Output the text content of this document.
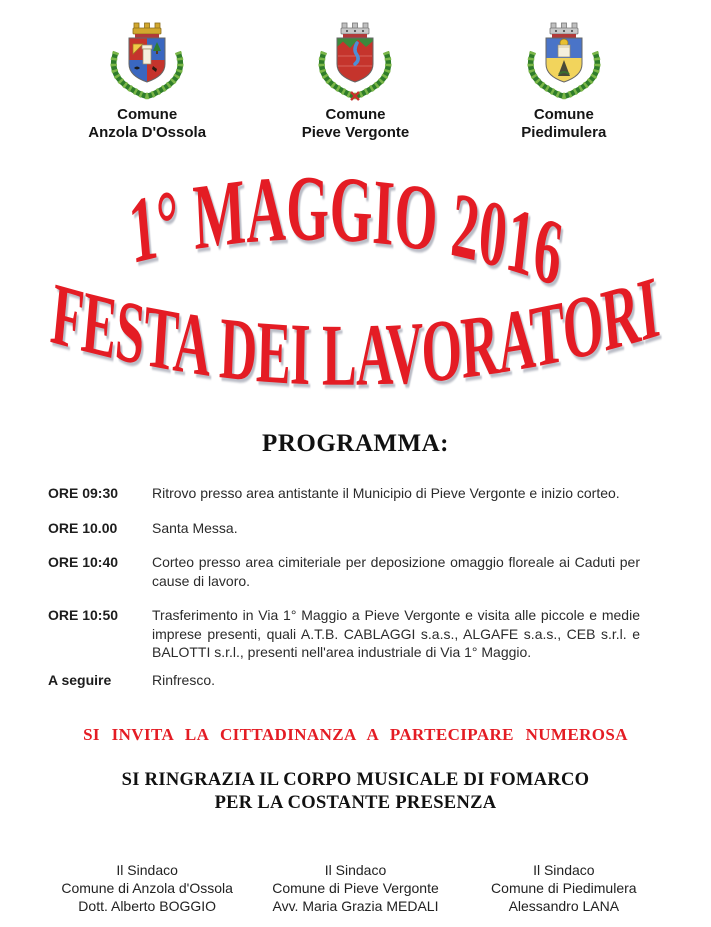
Comune
Anzola D'Ossola
Comune
Pieve Vergonte
Comune
Piedimulera
1° MAGGIO 2016
FESTA DEI LAVORATORI
PROGRAMMA:
ORE 09:30	Ritrovo presso area antistante il Municipio di Pieve Vergonte e inizio corteo.
ORE 10.00	Santa Messa.
ORE 10:40	Corteo presso area cimiteriale per deposizione omaggio floreale ai Caduti per cause di lavoro.
ORE 10:50	Trasferimento in Via 1° Maggio a Pieve Vergonte e visita alle piccole e medie imprese presenti, quali A.T.B. CABLAGGI s.a.s., ALGAFE s.a.s., CEB s.r.l. e BALOTTI s.r.l., presenti nell'area industriale di Via 1° Maggio.
A seguire	Rinfresco.
SI INVITA LA CITTADINANZA A PARTECIPARE NUMEROSA
SI RINGRAZIA IL CORPO MUSICALE DI FOMARCO
PER LA COSTANTE PRESENZA
Il Sindaco
Comune di Anzola d'Ossola
Dott. Alberto BOGGIO
Il Sindaco
Comune di Pieve Vergonte
Avv. Maria Grazia MEDALI
Il Sindaco
Comune di Piedimulera
Alessandro LANA
